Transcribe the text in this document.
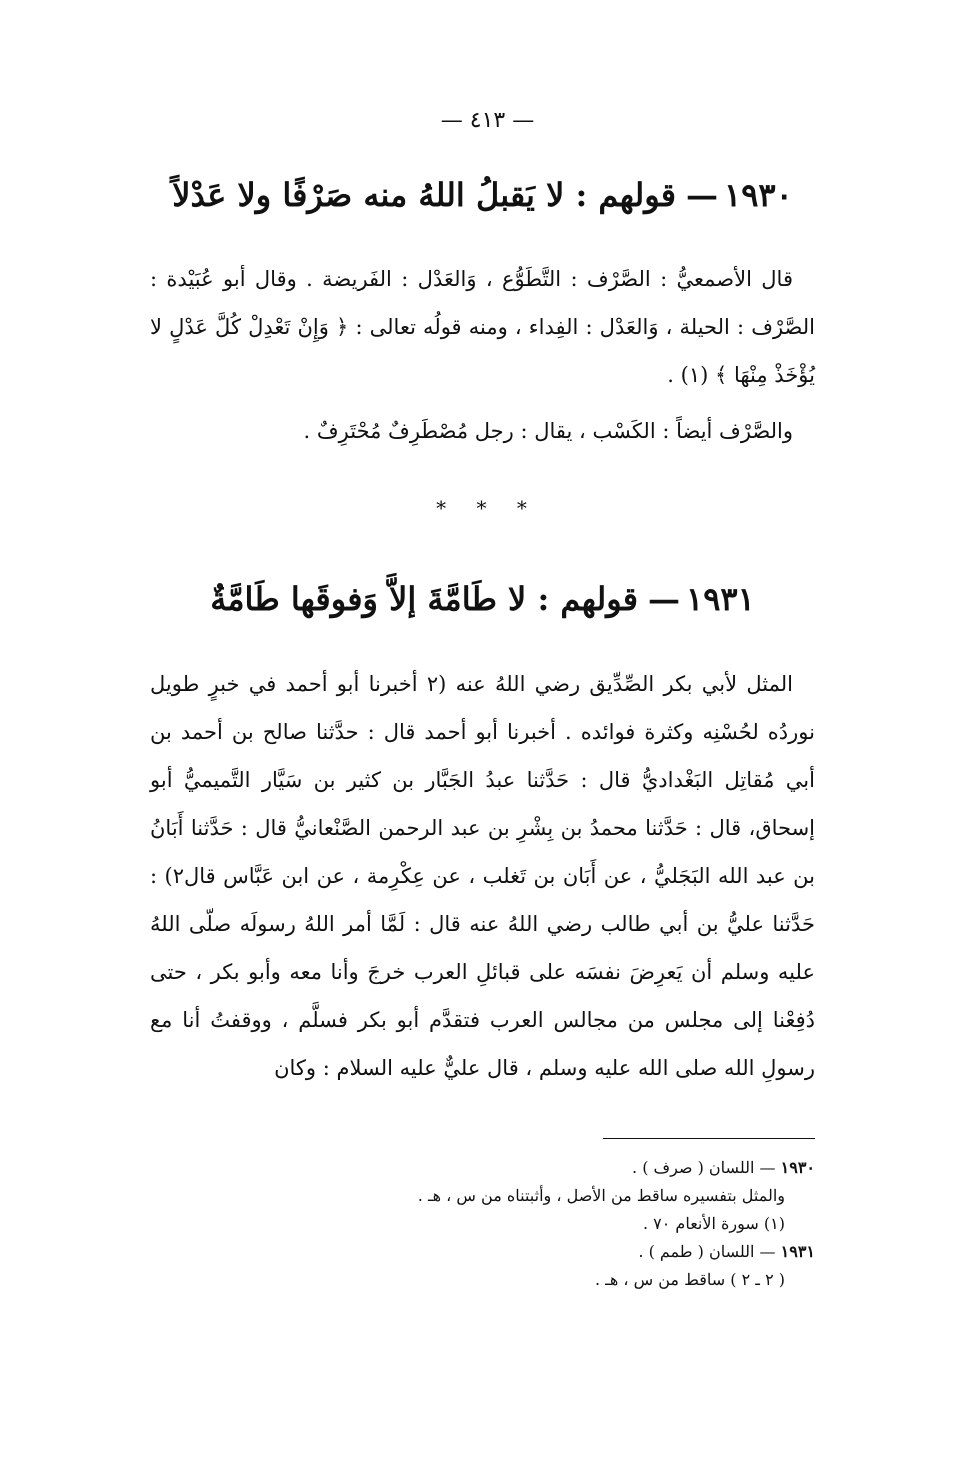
— ٤١٣ —
١٩٣٠—قولهم : لا يَقبلُ اللهُ منه صَرْفًا ولا عَدْلاً
قال الأصمعيُّ : الصَّرْف : التَّطَوُّع ، وَالعَدْل : الفَريضة . وقال أبو عُبَيْدة : الصَّرْف : الحيلة ، وَالعَدْل : الفِداء ، ومنه قولُه تعالى : ﴿ وَإِنْ تَعْدِلْ كُلَّ عَدْلٍ لا يُؤْخَذْ مِنْهَا ﴾ (١) .
والصَّرْف أيضاً : الكَسْب ، يقال : رجل مُصْطَرِفٌ مُحْتَرِفٌ .
* * *
١٩٣١—قولهم : لا طَامَّةَ إلاَّ وَفوقَها طَامَّةٌ
المثل لأبي بكر الصِّدِّيق رضي اللهُ عنه (٢ أخبرنا أبو أحمد في خبرٍ طويل نوردُه لحُسْنِه وكثرة فوائده . أخبرنا أبو أحمد قال : حدَّثنا صالح بن أحمد بن أبي مُقاتِل البَغْداديُّ قال : حَدَّثنا عبدُ الجَبَّار بن كثير بن سَيَّار التَّميميُّ أبو إسحاق، قال : حَدَّثنا محمدُ بن بِشْرِ بن عبد الرحمن الصَّنْعانيُّ قال : حَدَّثنا أَبَانُ بن عبد الله البَجَليُّ ، عن أَبَان بن تَغلب ، عن عِكْرِمة ، عن ابن عَبَّاس قال٢) : حَدَّثنا عليُّ بن أبي طالب رضي اللهُ عنه قال : لَمَّا أمر اللهُ رسولَه صلّى اللهُ عليه وسلم أن يَعرِضَ نفسَه على قبائلِ العرب خرجَ وأنا معه وأبو بكر ، حتى دُفِعْنا إلى مجلس من مجالس العرب فتقدَّم أبو بكر فسلَّم ، ووقفتُ أنا مع رسولِ الله صلى الله عليه وسلم ، قال عليٌّ عليه السلام : وكان
١٩٣٠ — اللسان ( صرف ) .
والمثل بتفسيره ساقط من الأصل ، وأثبتناه من س ، هـ .
(١) سورة الأنعام ٧٠ .
١٩٣١ — اللسان ( طمم ) .
( ٢ ـ ٢ ) ساقط من س ، هـ .
